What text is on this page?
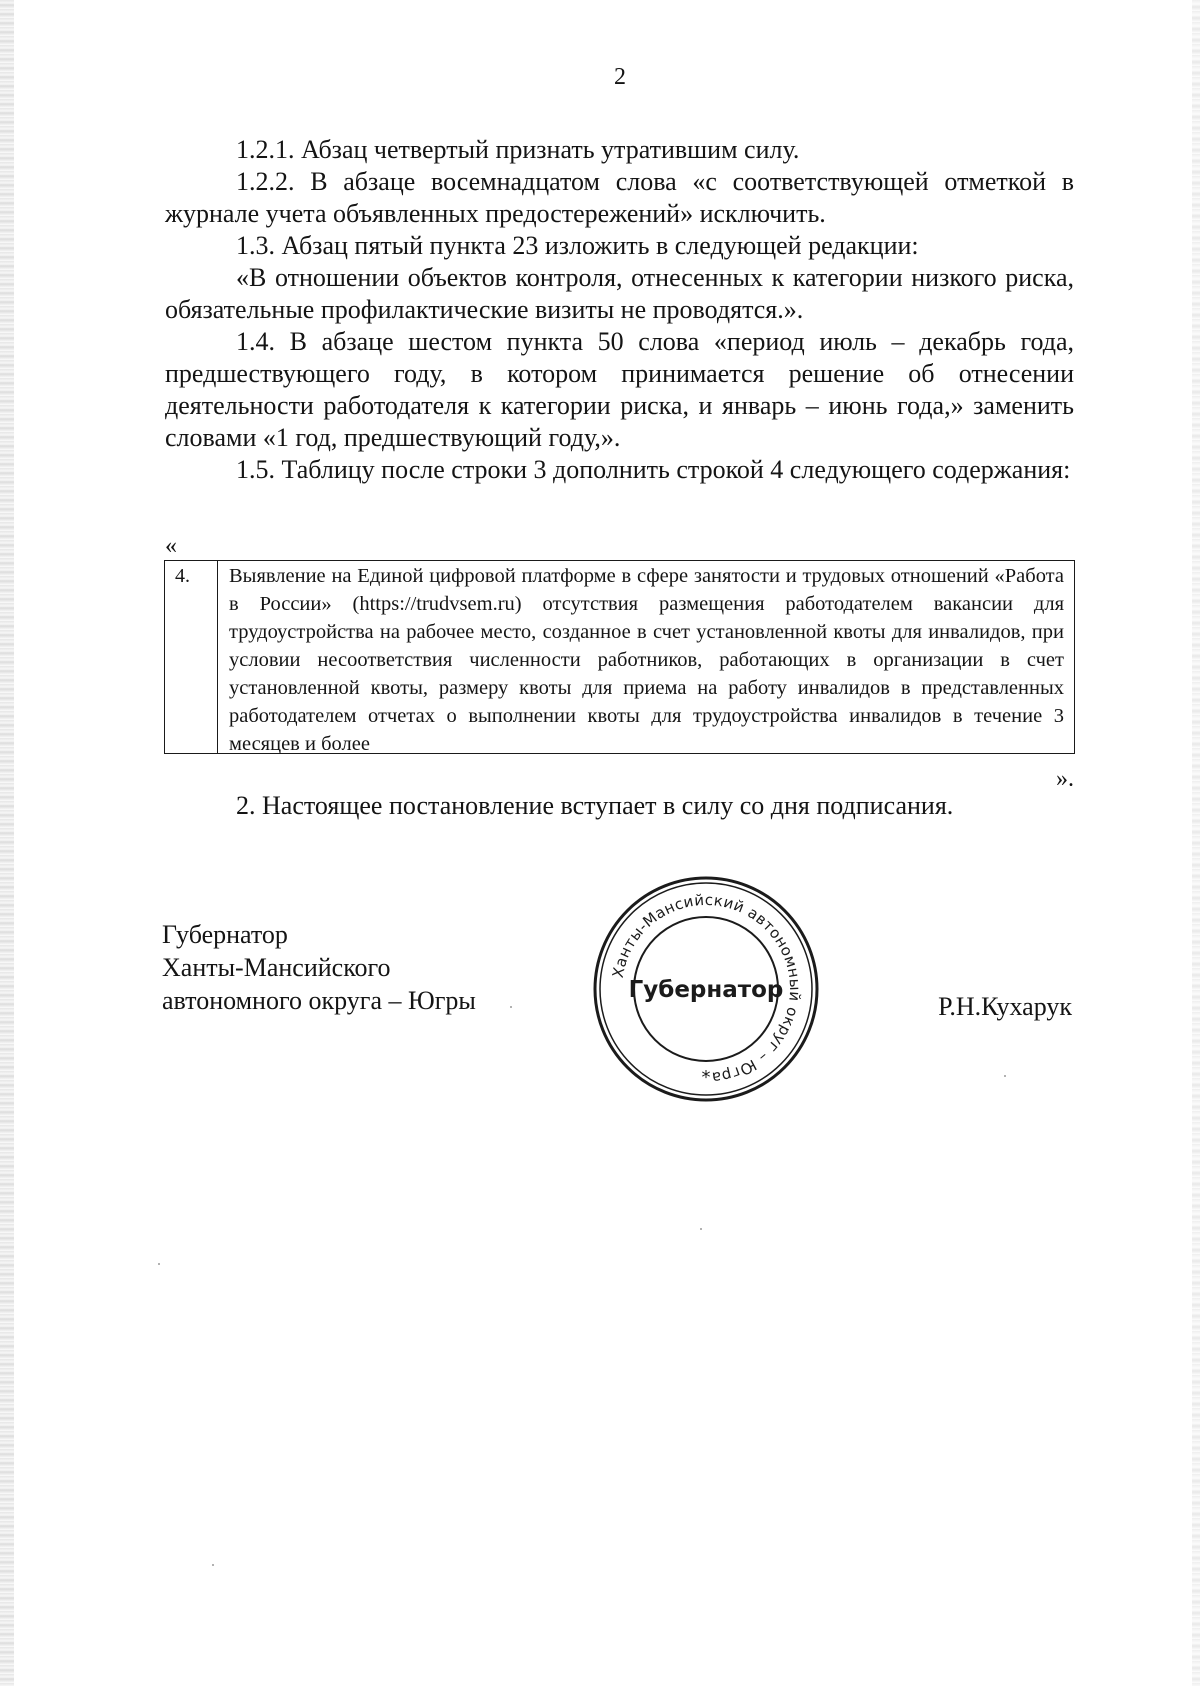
2

1.2.1. Абзац четвертый признать утратившим силу.

1.2.2. В абзаце восемнадцатом слова «с соответствующей отметкой в журнале учета объявленных предостережений» исключить.

1.3. Абзац пятый пункта 23 изложить в следующей редакции:

«В отношении объектов контроля, отнесенных к категории низкого риска, обязательные профилактические визиты не проводятся.».

1.4. В абзаце шестом пункта 50 слова «период июль – декабрь года, предшествующего году, в котором принимается решение об отнесении деятельности работодателя к категории риска, и январь – июнь года,» заменить словами «1 год, предшествующий году,».

1.5. Таблицу после строки 3 дополнить строкой 4 следующего содержания:

«
4.	Выявление на Единой цифровой платформе в сфере занятости и трудовых отношений «Работа в России» (https://trudvsem.ru) отсутствия размещения работодателем вакансии для трудоустройства на рабочее место, созданное в счет установленной квоты для инвалидов, при условии несоответствия численности работников, работающих в организации в счет установленной квоты, размеру квоты для приема на работу инвалидов в представленных работодателем отчетах о выполнении квоты для трудоустройства инвалидов в течение 3 месяцев и более
».
2. Настоящее постановление вступает в силу со дня подписания.
Губернатор
Ханты-Мансийского
автономного округа – Югры
Ханты-Мансийский автономный округ – Югра
Губернатор
*
Р.Н.Кухарук
